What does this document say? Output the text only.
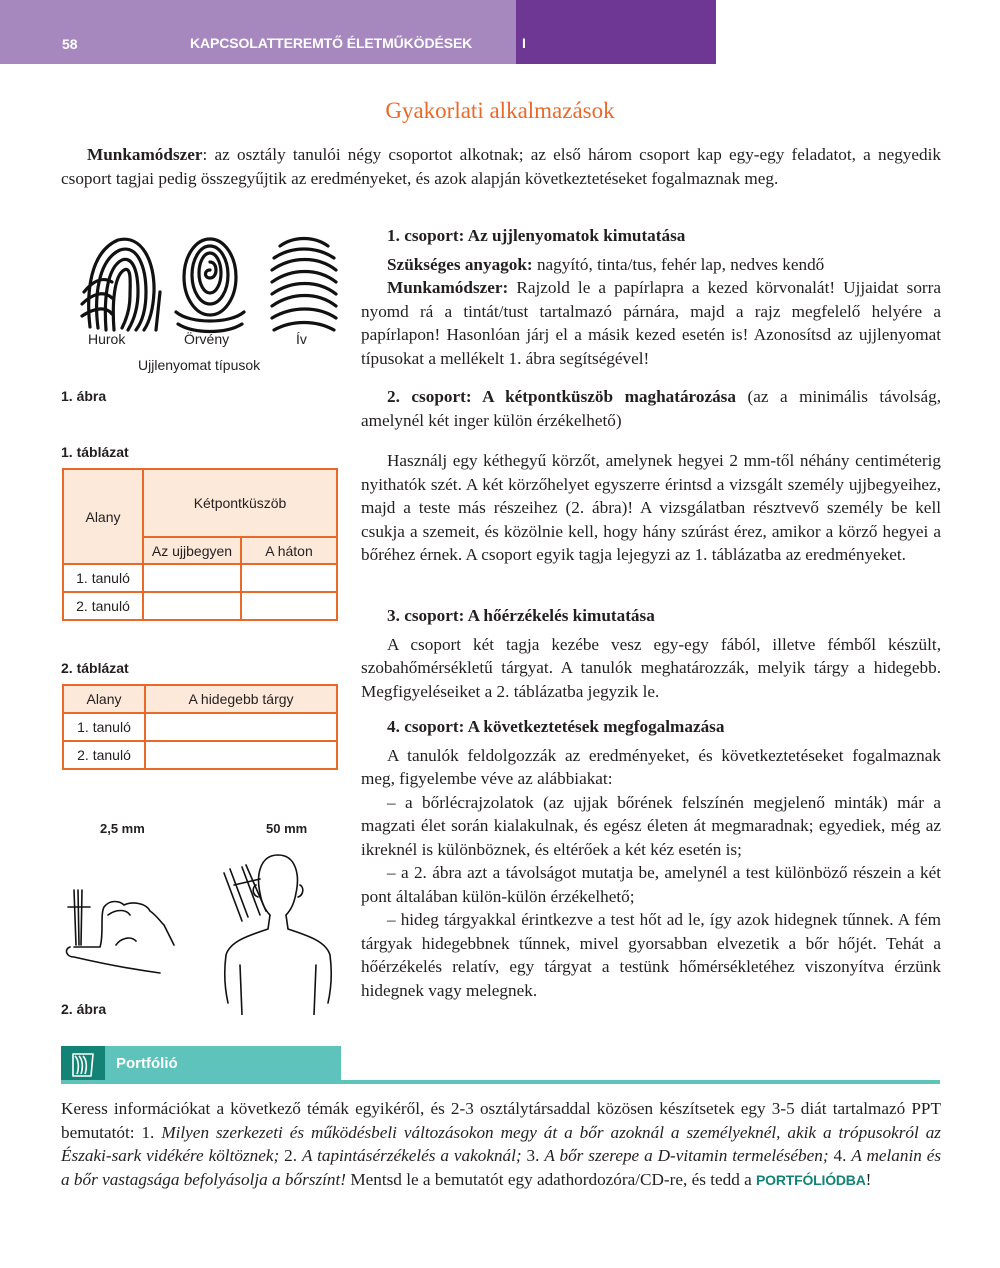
58	KAPCSOLATTEREMTŐ ÉLETMŰKÖDÉSEK	I
Gyakorlati alkalmazások
Munkamódszer: az osztály tanulói négy csoportot alkotnak; az első három csoport kap egy-egy feladatot, a negyedik csoport tagjai pedig összegyűjtik az eredményeket, és azok alapján következtetéseket fogalmaznak meg.
Hurok	Örvény	Ív
Ujjlenyomat típusok
1. ábra
1. táblázat
Alany	Kétpontküszöb	
	Az ujjbegyen	A háton
1. tanuló		
2. tanuló		
2. táblázat
Alany	A hidegebb tárgy
1. tanuló	
2. tanuló	
2,5 mm	50 mm
2. ábra
1. csoport: Az ujjlenyomatok kimutatása
Szükséges anyagok: nagyító, tinta/tus, fehér lap, nedves kendő
Munkamódszer: Rajzold le a papírlapra a kezed körvonalát! Ujjaidat sorra nyomd rá a tintát/tust tartalmazó párnára, majd a rajz megfelelő helyére a papírlapon! Hasonlóan járj el a másik kezed esetén is! Azonosítsd az ujjlenyomat típusokat a mellékelt 1. ábra segítségével!
2. csoport: A kétpontküszöb maghatározása (az a minimális távolság, amelynél két inger külön érzékelhető)
Használj egy kéthegyű körzőt, amelynek hegyei 2 mm-től néhány centiméterig nyithatók szét. A két körzőhelyet egyszerre érintsd a vizsgált személy ujjbegyeihez, majd a teste más részeihez (2. ábra)! A vizsgálatban résztvevő személy be kell csukja a szemeit, és közölnie kell, hogy hány szúrást érez, amikor a körző hegyei a bőréhez érnek. A csoport egyik tagja lejegyzi az 1. táblázatba az eredményeket.
3. csoport: A hőérzékelés kimutatása
A csoport két tagja kezébe vesz egy-egy fából, illetve fémből készült, szobahőmérsékletű tárgyat. A tanulók meghatározzák, melyik tárgy a hidegebb. Megfigyeléseiket a 2. táblázatba jegyzik le.
4. csoport: A következtetések megfogalmazása
A tanulók feldolgozzák az eredményeket, és következtetéseket fogalmaznak meg, figyelembe véve az alábbiakat:
– a bőrlécrajzolatok (az ujjak bőrének felszínén megjelenő minták) már a magzati élet során kialakulnak, és egész életen át megmaradnak; egyediek, még az ikreknél is különböznek, és eltérőek a két kéz esetén is;
– a 2. ábra azt a távolságot mutatja be, amelynél a test különböző részein a két pont általában külön-külön érzékelhető;
– hideg tárgyakkal érintkezve a test hőt ad le, így azok hidegnek tűnnek. A fém tárgyak hidegebbnek tűnnek, mivel gyorsabban elvezetik a bőr hőjét. Tehát a hőérzékelés relatív, egy tárgyat a testünk hőmérsékletéhez viszonyítva érzünk hidegnek vagy melegnek.
Portfólió
Keress információkat a következő témák egyikéről, és 2-3 osztálytársaddal közösen készítsetek egy 3-5 diát tartalmazó PPT bemutatót: 1. Milyen szerkezeti és működésbeli változásokon megy át a bőr azoknál a személyeknél, akik a trópusokról az Északi-sark vidékére költöznek; 2. A tapintásérzékelés a vakoknál; 3. A bőr szerepe a D-vitamin termelésében; 4. A melanin és a bőr vastagsága befolyásolja a bőrszínt! Mentsd le a bemutatót egy adathordozóra/CD-re, és tedd a PORTFÓLIÓDBA!
